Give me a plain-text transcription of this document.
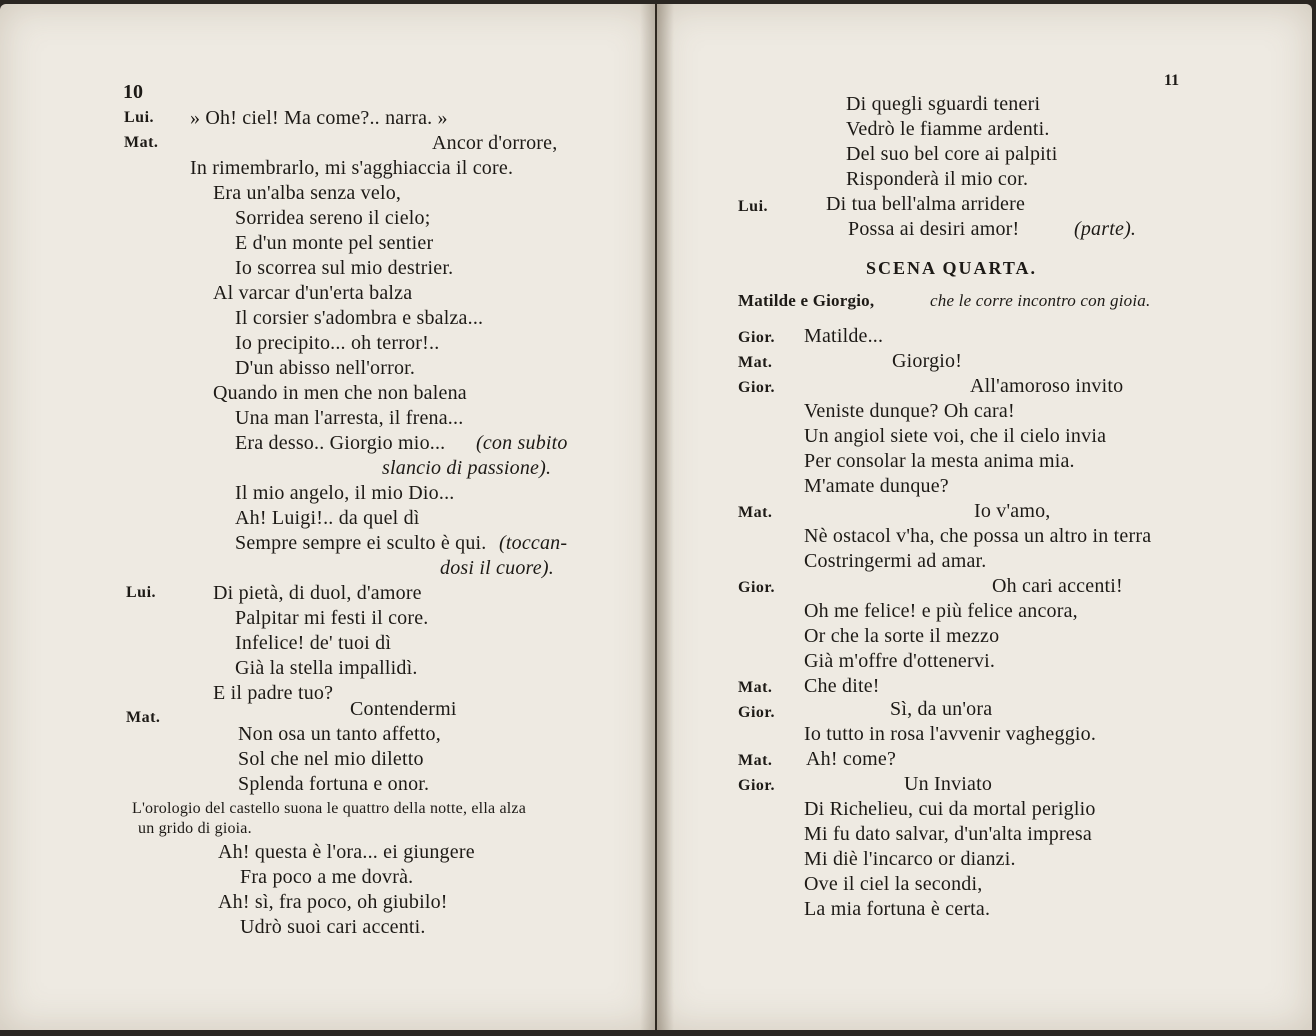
10
Lui. » Oh! ciel! Ma come?.. narra. »
Mat.	Ancor d'orrore,
In rimembrarlo, mi s'agghiaccia il core.
Era un'alba senza velo,
Sorridea sereno il cielo;
E d'un monte pel sentier
Io scorrea sul mio destrier.
Al varcar d'un'erta balza
Il corsier s'adombra e sbalza...
Io precipito... oh terror!..
D'un abisso nell'orror.
Quando in men che non balena
Una man l'arresta, il frena...
Era desso.. Giorgio mio... (con subito
slancio di passione).
Il mio angelo, il mio Dio...
Ah! Luigi!.. da quel dì
Sempre sempre ei sculto è qui. (toccan-
dosi il cuore).
Lui.	Di pietà, di duol, d'amore
Palpitar mi festi il core.
Infelice! de' tuoi dì
Già la stella impallidì.
E il padre tuo?
Mat.	Contendermi
Non osa un tanto affetto,
Sol che nel mio diletto
Splenda fortuna e onor.
L'orologio del castello suona le quattro della notte, ella alza
un grido di gioia.
Ah! questa è l'ora... ei giungere
Fra poco a me dovrà.
Ah! sì, fra poco, oh giubilo!
Udrò suoi cari accenti.
11
Di quegli sguardi teneri
Vedrò le fiamme ardenti.
Del suo bel core ai palpiti
Risponderà il mio cor.
Lui.	Di tua bell'alma arridere
Possa ai desiri amor!	(parte).
SCENA QUARTA.
Matilde e Giorgio,	che le corre incontro con gioia.
Gior. Matilde...
Mat.	Giorgio!
Gior.	All'amoroso invito
Veniste dunque? Oh cara!
Un angiol siete voi, che il cielo invia
Per consolar la mesta anima mia.
M'amate dunque?
Mat.	Io v'amo,
Nè ostacol v'ha, che possa un altro in terra
Costringermi ad amar.
Gior.	Oh cari accenti!
Oh me felice! e più felice ancora,
Or che la sorte il mezzo
Già m'offre d'ottenervi.
Mat. Che dite!
Gior.	Sì, da un'ora
Io tutto in rosa l'avvenir vagheggio.
Mat. Ah! come?
Gior.	Un Inviato
Di Richelieu, cui da mortal periglio
Mi fu dato salvar, d'un'alta impresa
Mi diè l'incarco or dianzi.
Ove il ciel la secondi,
La mia fortuna è certa.
